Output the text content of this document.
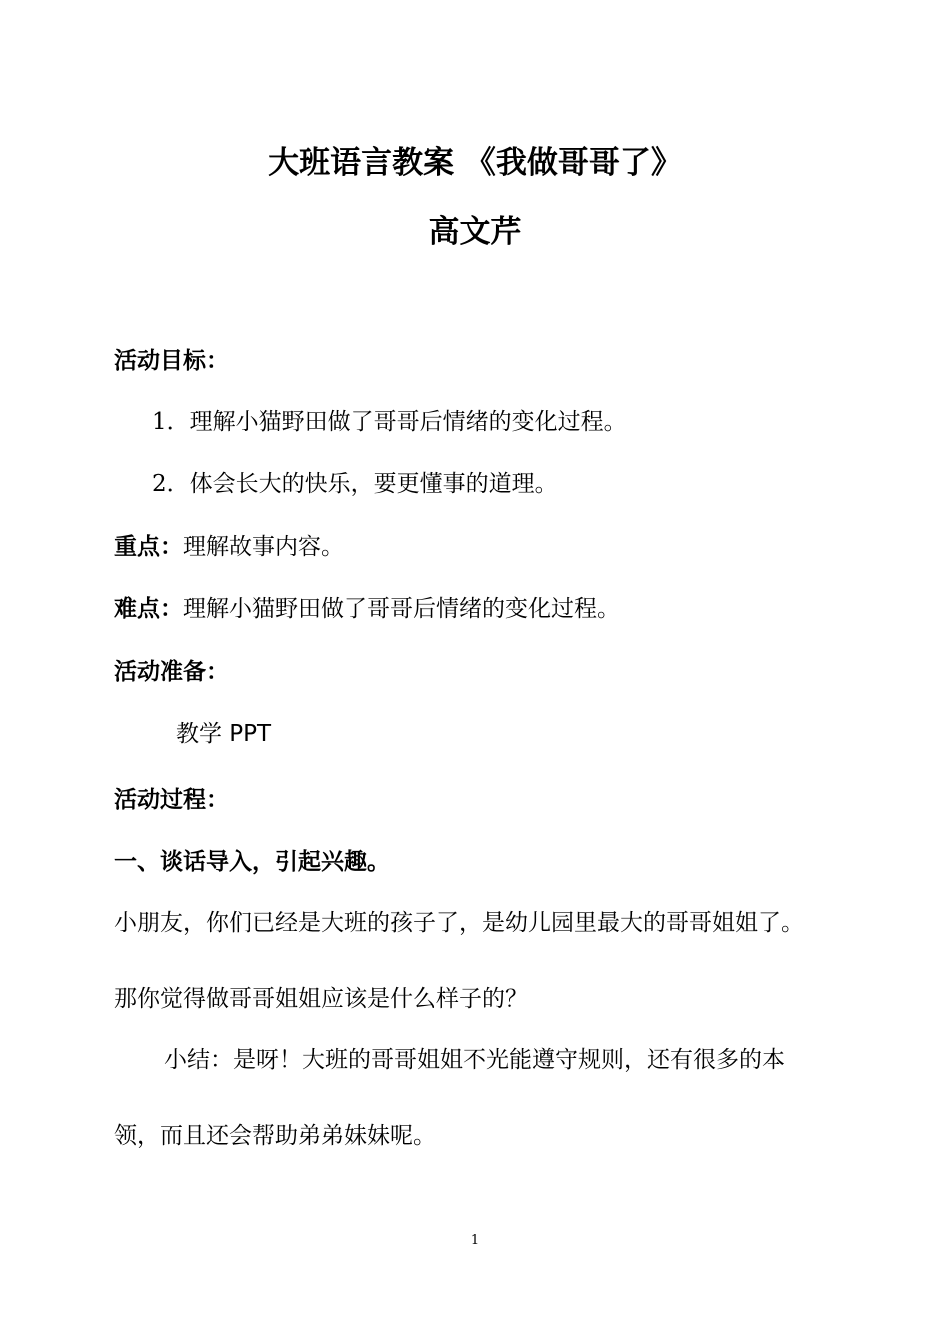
大班语言教案 《我做哥哥了》
高文芹
活动目标：
1．理解小猫野田做了哥哥后情绪的变化过程。
2．体会长大的快乐，要更懂事的道理。
重点：理解故事内容。
难点：理解小猫野田做了哥哥后情绪的变化过程。
活动准备：
教学 PPT
活动过程：
一、谈话导入，引起兴趣。
小朋友，你们已经是大班的孩子了，是幼儿园里最大的哥哥姐姐了。
那你觉得做哥哥姐姐应该是什么样子的？
小结：是呀！大班的哥哥姐姐不光能遵守规则，还有很多的本
领，而且还会帮助弟弟妹妹呢。
1
